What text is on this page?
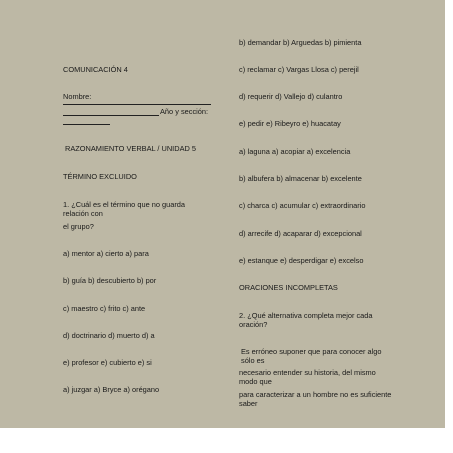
COMUNICACIÓN 4
Nombre:
Año y sección:
RAZONAMIENTO VERBAL / UNIDAD 5
TÉRMINO EXCLUIDO
1. ¿Cuál es el término que no guarda relación con
el grupo?
a) mentor a) cierto a) para
b) guía b) descubierto b) por
c) maestro c) frito c) ante
d) doctrinario d) muerto d) a
e) profesor e) cubierto e) si
a) juzgar a) Bryce a) orégano
b) demandar b) Arguedas b) pimienta
c) reclamar c) Vargas Llosa c) perejil
d) requerir d) Vallejo d) culantro
e) pedir e) Ribeyro e) huacatay
a) laguna a) acopiar a) excelencia
b) albufera b) almacenar b) excelente
c) charca c) acumular c) extraordinario
d) arrecife d) acaparar d) excepcional
e) estanque e) desperdigar e) excelso
ORACIONES INCOMPLETAS
2. ¿Qué alternativa completa mejor cada oración?
Es erróneo suponer que para conocer algo sólo es
necesario entender su historia, del mismo modo que
para caracterizar a un hombre no es suficiente saber
